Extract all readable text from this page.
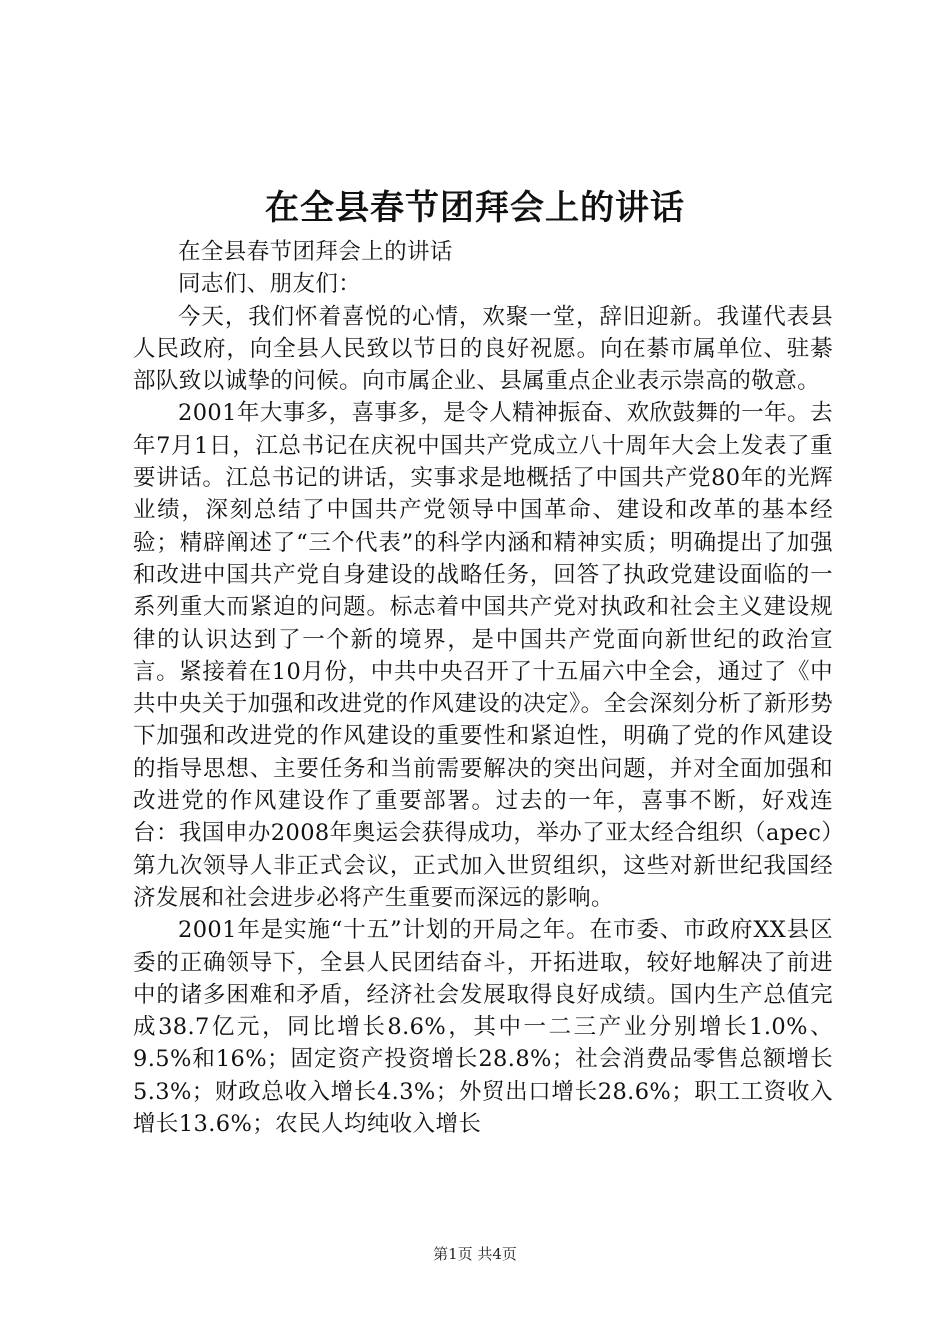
在全县春节团拜会上的讲话

在全县春节团拜会上的讲话

同志们、朋友们：

今天，我们怀着喜悦的心情，欢聚一堂，辞旧迎新。我谨代表县人民政府，向全县人民致以节日的良好祝愿。向在綦市属单位、驻綦部队致以诚挚的问候。向市属企业、县属重点企业表示崇高的敬意。

2001年大事多，喜事多，是令人精神振奋、欢欣鼓舞的一年。去年7月1日，江总书记在庆祝中国共产党成立八十周年大会上发表了重要讲话。江总书记的讲话，实事求是地概括了中国共产党80年的光辉业绩，深刻总结了中国共产党领导中国革命、建设和改革的基本经验；精辟阐述了“三个代表”的科学内涵和精神实质；明确提出了加强和改进中国共产党自身建设的战略任务，回答了执政党建设面临的一系列重大而紧迫的问题。标志着中国共产党对执政和社会主义建设规律的认识达到了一个新的境界，是中国共产党面向新世纪的政治宣言。紧接着在10月份，中共中央召开了十五届六中全会，通过了《中共中央关于加强和改进党的作风建设的决定》。全会深刻分析了新形势下加强和改进党的作风建设的重要性和紧迫性，明确了党的作风建设的指导思想、主要任务和当前需要解决的突出问题，并对全面加强和改进党的作风建设作了重要部署。过去的一年，喜事不断，好戏连台：我国申办2008年奥运会获得成功，举办了亚太经合组织（apec）第九次领导人非正式会议，正式加入世贸组织，这些对新世纪我国经济发展和社会进步必将产生重要而深远的影响。

2001年是实施“十五”计划的开局之年。在市委、市政府XX县区委的正确领导下，全县人民团结奋斗，开拓进取，较好地解决了前进中的诸多困难和矛盾，经济社会发展取得良好成绩。国内生产总值完成38.7亿元，同比增长8.6%，其中一二三产业分别增长1.0%、9.5%和16%；固定资产投资增长28.8%；社会消费品零售总额增长5.3%；财政总收入增长4.3%；外贸出口增长28.6%；职工工资收入增长13.6%；农民人均纯收入增长

第1页 共4页
